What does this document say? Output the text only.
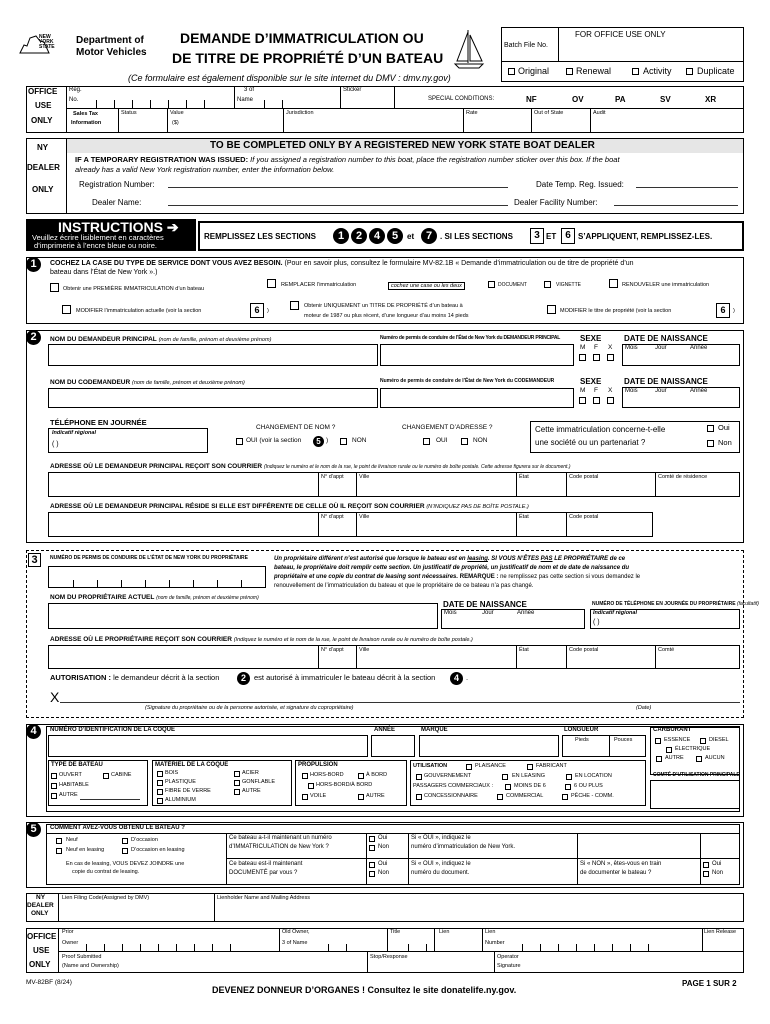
NEW YORK STATE
Department of
Motor Vehicles
DEMANDE D’IMMATRICULATION OU
DE TITRE DE PROPRIÉTÉ D’UN BATEAU
(Ce formulaire est également disponible sur le site internet du DMV : dmv.ny.gov)
FOR OFFICE USE ONLY
Batch File No.
Original	Renewal	Activity	Duplicate
OFFICE
USE
ONLY
Reg.
No.
3 of
Name
Sticker
SPECIAL CONDITIONS:	NF	OV	PA	SV	XR
Sales Tax
Information
Status	Value
($)
Jurisdiction	Rate	Out of State	Audit
NY
DEALER
ONLY
TO BE COMPLETED ONLY BY A REGISTERED NEW YORK STATE BOAT DEALER
IF A TEMPORARY REGISTRATION WAS ISSUED: If you assigned a registration number to this boat, place the registration number sticker over this box. If the boat
already has a valid New York registration number, enter the information below.
Registration Number:	Date Temp. Reg. Issued:
Dealer Name:	Dealer Facility Number:
INSTRUCTIONS ➔
Veuillez écrire lisiblement en caractères
d’imprimerie à l’encre bleue ou noire.
REMPLISSEZ LES SECTIONS	1	2	4	5	et	7 . SI LES SECTIONS	3 ET 6 S’APPLIQUENT, REMPLISSEZ-LES.
1	COCHEZ LA CASE DU TYPE DE SERVICE DONT VOUS AVEZ BESOIN. (Pour en savoir plus, consultez le formulaire MV-82.1B « Demande d’immatriculation ou de titre de propriété d’un
bateau dans l’État de New York ».)
Obtenir une PREMIÈRE IMMATRICULATION d’un bateau
REMPLACER l’immatriculation	cochez une case ou les deux	DOCUMENT	VIGNETTE	RENOUVELER une immatriculation
MODIFIER l’immatriculation actuelle (voir la section	6	)
Obtenir UNIQUEMENT un TITRE DE PROPRIÉTÉ d’un bateau à
moteur de 1987 ou plus récent, d’une longueur d’au moins 14 pieds
MODIFIER le titre de propriété (voir la section	6	)
2	NOM DU DEMANDEUR PRINCIPAL (nom de famille, prénom et deuxième prénom)	Numéro de permis de conduire de l’État de New York du DEMANDEUR PRINCIPAL SEXE
M F X
DATE DE NAISSANCE
Mois	Jour	Année
NOM DU CODEMANDEUR (nom de famille, prénom et deuxième prénom)	Numéro de permis de conduire de l’État de New York du CODEMANDEUR	SEXE
M F X
DATE DE NAISSANCE
Mois	Jour	Année
TÉLÉPHONE EN JOURNÉE
Indicatif régional
( )
CHANGEMENT DE NOM ?
OUI (voir la section	5 )	NON
CHANGEMENT D’ADRESSE ?
OUI	NON
Cette immatriculation concerne-t-elle
une société ou un partenariat ?
Oui
Non
ADRESSE OÙ LE DEMANDEUR PRINCIPAL REÇOIT SON COURRIER (Indiquez le numéro et le nom de la rue, le point de livraison rurale ou le numéro de boîte postale. Cette adresse figurera sur le document.)
N° d’appt	Ville	État	Code postal	Comté de résidence
ADRESSE OÙ LE DEMANDEUR PRINCIPAL RÉSIDE SI ELLE EST DIFFÉRENTE DE CELLE OÙ IL REÇOIT SON COURRIER (N’INDIQUEZ PAS DE BOÎTE POSTALE.)
N° d’appt	Ville	État	Code postal
3	NUMÉRO DE PERMIS DE CONDUIRE DE L’ÉTAT DE NEW YORK DU PROPRIÉTAIRE	Un propriétaire différent n’est autorisé que lorsque le bateau est en leasing. SI VOUS N’ÊTES PAS LE PROPRIÉTAIRE de ce
bateau, le propriétaire doit remplir cette section. Un justificatif de propriété, un justificatif de nom et de date de naissance du
propriétaire et une copie du contrat de leasing sont nécessaires. REMARQUE : ne remplissez pas cette section si vous demandez le
renouvellement de l’immatriculation du bateau et que le propriétaire de ce bateau n’a pas changé.
NOM DU PROPRIÉTAIRE ACTUEL (nom de famille, prénom et deuxième prénom)
DATE DE NAISSANCE
Mois	Jour	Année
NUMÉRO DE TÉLÉPHONE EN JOURNÉE DU PROPRIÉTAIRE (facultatif)
Indicatif régional
( )
ADRESSE OÙ LE PROPRIÉTAIRE REÇOIT SON COURRIER (Indiquez le numéro et le nom de la rue, le point de livraison rurale ou le numéro de boîte postale.)
N° d’appt	Ville	État	Code postal	Comté
AUTORISATION : le demandeur décrit à la section	2	est autorisé à immatriculer le bateau décrit à la section	4 .
X
(Signature du propriétaire ou de la personne autorisée, et signature du copropriétaire)	(Date)
4	NUMÉRO D’IDENTIFICATION DE LA COQUE	ANNÉE	MARQUE	LONGUEUR
Pieds	Pouces
CARBURANT
ESSENCE	DIESEL
ÉLECTRIQUE
AUTRE	AUCUN
COMTÉ D’UTILISATION PRINCIPALE
TYPE DE BATEAU
OUVERT	CABINE
HABITABLE
AUTRE
MATÉRIEL DE LA COQUE
BOIS	ACIER
PLASTIQUE	GONFLABLE
FIBRE DE VERRE	AUTRE
ALUMINIUM
PROPULSION
HORS-BORD	À BORD
HORS-BORD/À BORD
VOILE	AUTRE
UTILISATION	PLAISANCE	FABRICANT
GOUVERNEMENT	EN LEASING	EN LOCATION
PASSAGERS COMMERCIAUX :	MOINS DE 6	6 OU PLUS
CONCESSIONNAIRE	COMMERCIAL	PÊCHE - COMM.
5	COMMENT AVEZ-VOUS OBTENU LE BATEAU ?
Neuf	D’occasion
Neuf en leasing	D’occasion en leasing
En cas de leasing, VOUS DEVEZ JOINDRE une
copie du contrat de leasing.
Ce bateau a-t-il maintenant un numéro
d’IMMATRICULATION de New York ?
Oui
Non
Si « OUI », indiquez le
numéro d’immatriculation de New York.
Ce bateau est-il maintenant
DOCUMENTÉ par vous ?
Oui
Non
Si « OUI », indiquez le
numéro du document.
Si « NON », êtes-vous en train
de documenter le bateau ?
Oui
Non
NY
DEALER
ONLY
Lien Filing Code(Assigned by DMV)	Lienholder Name and Mailing Address
OFFICE
USE
ONLY
Prior
Owner
Old Owner,
3 of Name
Title	Lien	Lien
Number
Lien Release
Proof Submitted
(Name and Ownership)
Stop/Response	Operator
Signature
MV-82BF (8/24)
DEVENEZ DONNEUR D’ORGANES ! Consultez le site donatelife.ny.gov.
PAGE 1 SUR 2
